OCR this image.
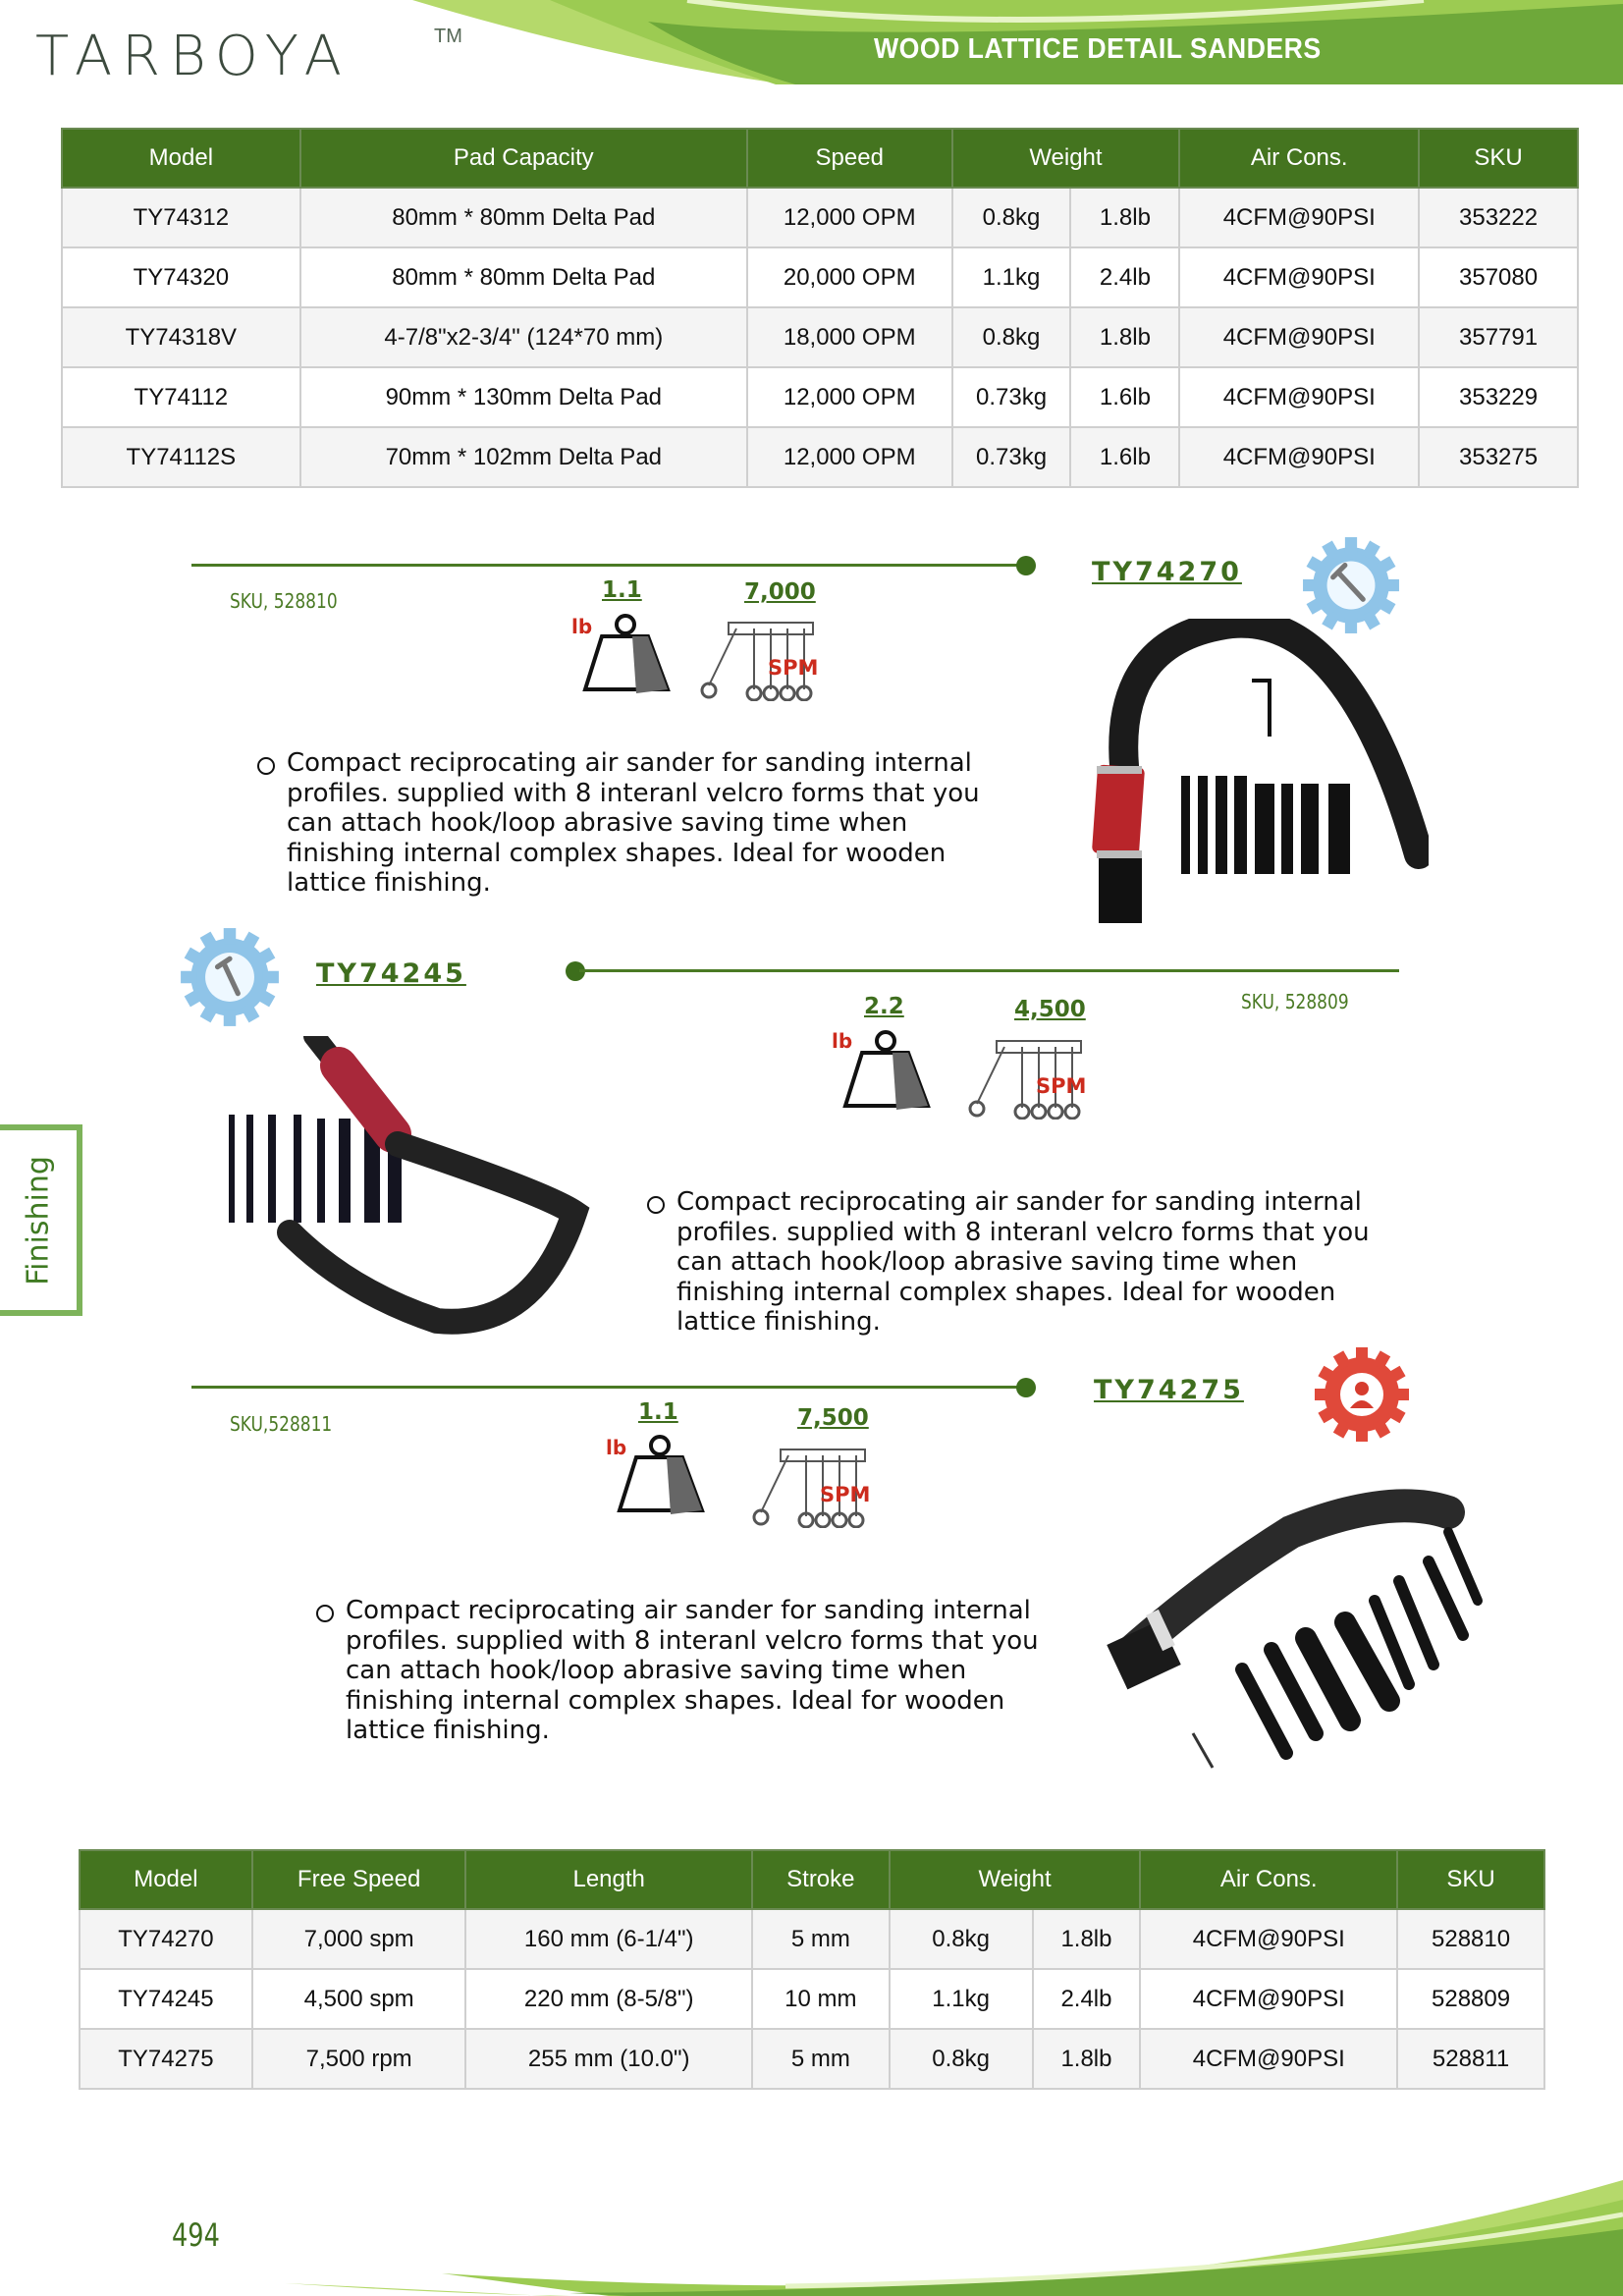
TARBOYA	TM	WOOD LATTICE DETAIL SANDERS
Model	Pad Capacity	Speed	Weight		Air Cons.	SKU
TY74312	80mm * 80mm Delta Pad	12,000 OPM	0.8kg	1.8lb	4CFM@90PSI	353222
TY74320	80mm * 80mm Delta Pad	20,000 OPM	1.1kg	2.4lb	4CFM@90PSI	357080
TY74318V	4-7/8"x2-3/4" (124*70 mm)	18,000 OPM	0.8kg	1.8lb	4CFM@90PSI	357791
TY74112	90mm * 130mm Delta Pad	12,000 OPM	0.73kg	1.6lb	4CFM@90PSI	353229
TY74112S	70mm * 102mm Delta Pad	12,000 OPM	0.73kg	1.6lb	4CFM@90PSI	353275
TY74270
SKU, 528810	1.1
lb
7,000
SPM
Compact reciprocating air sander for sanding internal profiles. supplied with 8 interanl velcro forms that you can attach hook/loop abrasive saving time when finishing internal complex shapes. Ideal for wooden lattice finishing.
TY74245
SKU, 528809
2.2
lb
4,500
SPM
Compact reciprocating air sander for sanding internal profiles. supplied with 8 interanl velcro forms that you can attach hook/loop abrasive saving time when finishing internal complex shapes. Ideal for wooden lattice finishing.
Finishing
TY74275
SKU,528811	1.1
lb
7,500
SPM
Compact reciprocating air sander for sanding internal profiles. supplied with 8 interanl velcro forms that you can attach hook/loop abrasive saving time when finishing internal complex shapes. Ideal for wooden lattice finishing.
Model	Free Speed	Length	Stroke	Weight		Air Cons.	SKU
TY74270	7,000 spm	160 mm (6-1/4")	5 mm	0.8kg	1.8lb	4CFM@90PSI	528810
TY74245	4,500 spm	220 mm (8-5/8")	10 mm	1.1kg	2.4lb	4CFM@90PSI	528809
TY74275	7,500 rpm	255 mm (10.0")	5 mm	0.8kg	1.8lb	4CFM@90PSI	528811
494
